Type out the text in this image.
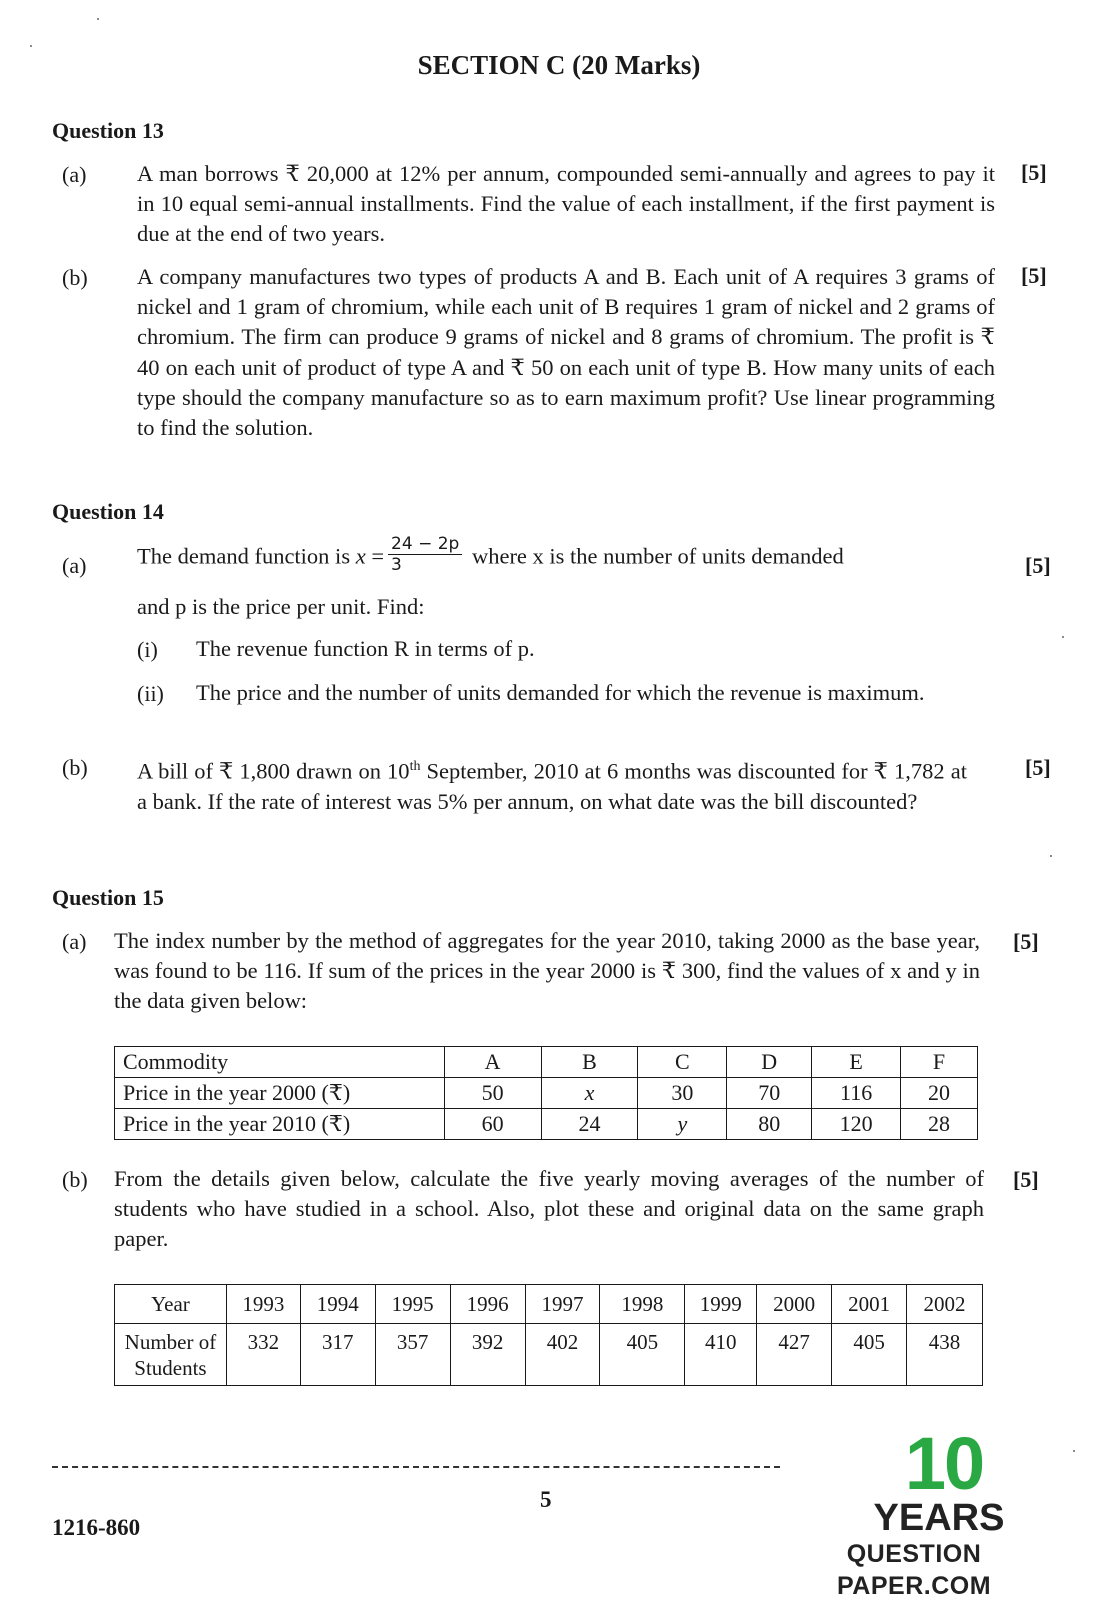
SECTION C (20 Marks)
Question 13
(a) A man borrows ₹ 20,000 at 12% per annum, compounded semi-annually and agrees to pay it in 10 equal semi-annual installments. Find the value of each installment, if the first payment is due at the end of two years.
[5]
(b) A company manufactures two types of products A and B. Each unit of A requires 3 grams of nickel and 1 gram of chromium, while each unit of B requires 1 gram of nickel and 2 grams of chromium. The firm can produce 9 grams of nickel and 8 grams of chromium. The profit is ₹ 40 on each unit of product of type A and ₹ 50 on each unit of type B. How many units of each type should the company manufacture so as to earn maximum profit? Use linear programming to find the solution.
[5]
Question 14
(a) The demand function is $x = \frac{24 - 2p}{3}$ where x is the number of units demanded	[5]
and p is the price per unit. Find:
(i) The revenue function R in terms of p.
(ii) The price and the number of units demanded for which the revenue is maximum.
(b) A bill of ₹ 1,800 drawn on 10th September, 2010 at 6 months was discounted for ₹ 1,782 at a bank. If the rate of interest was 5% per annum, on what date was the bill discounted?
[5]
Question 15
(a) The index number by the method of aggregates for the year 2010, taking 2000 as the base year, was found to be 116. If sum of the prices in the year 2000 is ₹ 300, find the values of x and y in the data given below:
[5]
Commodity	A	B	C	D	E	F
Price in the year 2000 (₹)	50	x	30	70	116	20
Price in the year 2010 (₹)	60	24	y	80	120	28
(b) From the details given below, calculate the five yearly moving averages of the number of students who have studied in a school. Also, plot these and original data on the same graph paper.
[5]
Year	1993	1994	1995	1996	1997	1998	1999	2000	2001	2002
Number of Students	332	317	357	392	402	405	410	427	405	438
5
1216-860
10
YEARS
QUESTION PAPER.COM
